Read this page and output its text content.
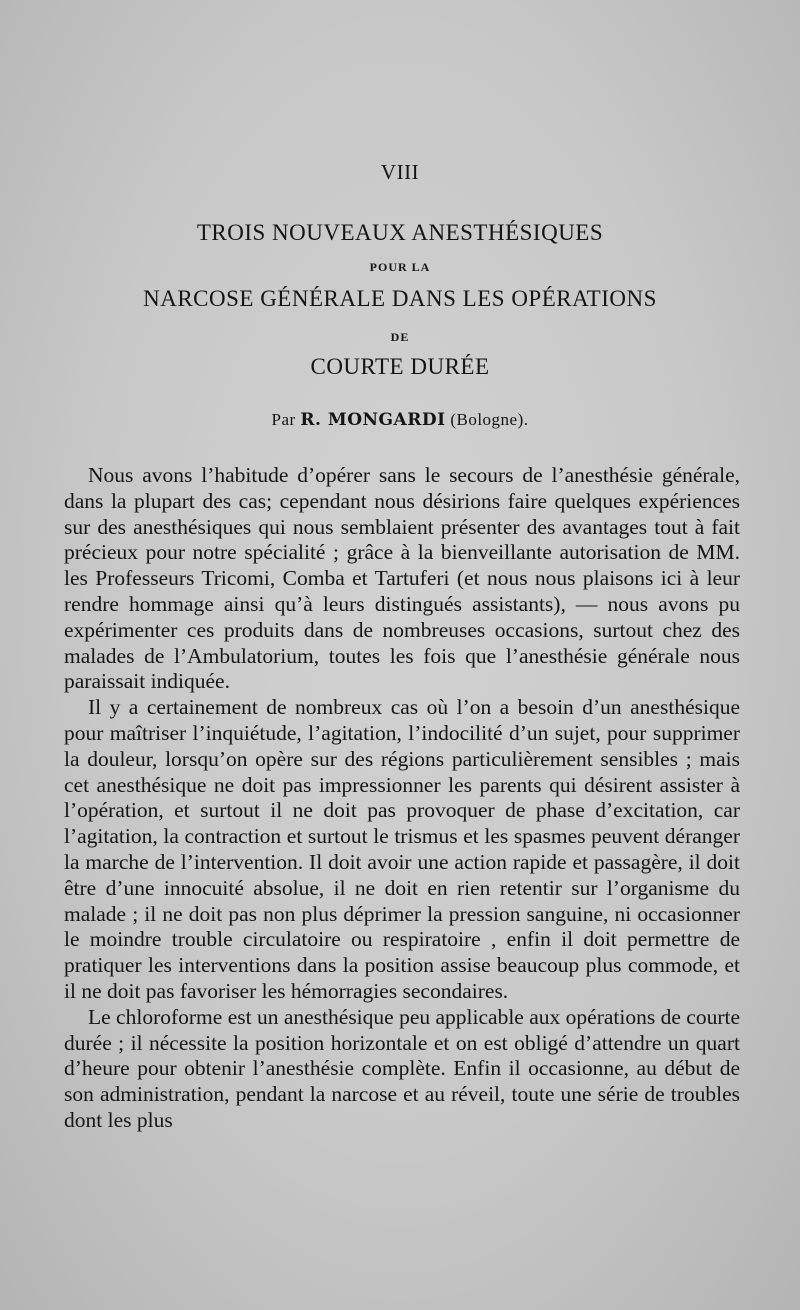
VIII
TROIS NOUVEAUX ANESTHÉSIQUES
POUR LA
NARCOSE GÉNÉRALE DANS LES OPÉRATIONS
DE
COURTE DURÉE
Par R. MONGARDI (Bologne).

Nous avons l’habitude d’opérer sans le secours de l’anesthésie générale, dans la plupart des cas; cependant nous désirions faire quelques expériences sur des anesthésiques qui nous semblaient présenter des avantages tout à fait précieux pour notre spécialité ; grâce à la bienveillante autorisation de MM. les Professeurs Tricomi, Comba et Tartuferi (et nous nous plaisons ici à leur rendre hommage ainsi qu’à leurs distingués assistants), — nous avons pu expérimenter ces produits dans de nombreuses occasions, surtout chez des malades de l’Ambulatorium, toutes les fois que l’anesthésie générale nous paraissait indiquée.

Il y a certainement de nombreux cas où l’on a besoin d’un anesthésique pour maîtriser l’inquiétude, l’agitation, l’indocilité d’un sujet, pour supprimer la douleur, lorsqu’on opère sur des régions particulièrement sensibles ; mais cet anesthésique ne doit pas impressionner les parents qui désirent assister à l’opération, et surtout il ne doit pas provoquer de phase d’excitation, car l’agitation, la contraction et surtout le trismus et les spasmes peuvent déranger la marche de l’intervention. Il doit avoir une action rapide et passagère, il doit être d’une innocuité absolue, il ne doit en rien retentir sur l’organisme du malade ; il ne doit pas non plus déprimer la pression sanguine, ni occasionner le moindre trouble circulatoire ou respiratoire , enfin il doit permettre de pratiquer les interventions dans la position assise beaucoup plus commode, et il ne doit pas favoriser les hémorragies secondaires.

Le chloroforme est un anesthésique peu applicable aux opérations de courte durée ; il nécessite la position horizontale et on est obligé d’attendre un quart d’heure pour obtenir l’anesthésie complète. Enfin il occasionne, au début de son administration, pendant la narcose et au réveil, toute une série de troubles dont les plus
